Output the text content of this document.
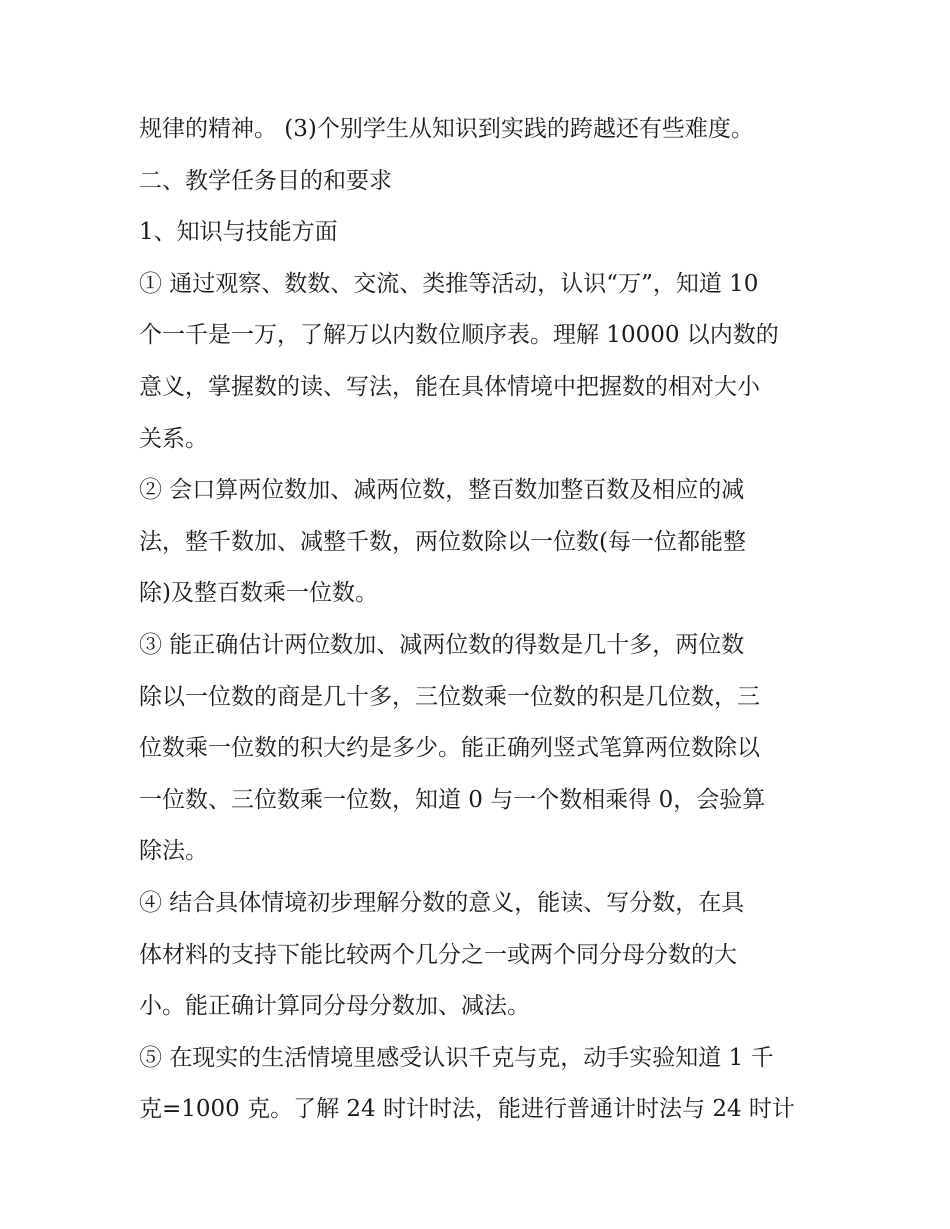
规律的精神。 (3)个别学生从知识到实践的跨越还有些难度。
二、教学任务目的和要求
1、知识与技能方面
① 通过观察、数数、交流、类推等活动，认识“万”，知道 10
个一千是一万，了解万以内数位顺序表。理解 10000 以内数的
意义，掌握数的读、写法，能在具体情境中把握数的相对大小
关系。
② 会口算两位数加、减两位数，整百数加整百数及相应的减
法，整千数加、减整千数，两位数除以一位数(每一位都能整
除)及整百数乘一位数。
③ 能正确估计两位数加、减两位数的得数是几十多，两位数
除以一位数的商是几十多，三位数乘一位数的积是几位数，三
位数乘一位数的积大约是多少。能正确列竖式笔算两位数除以
一位数、三位数乘一位数，知道 0 与一个数相乘得 0，会验算
除法。
④ 结合具体情境初步理解分数的意义，能读、写分数，在具
体材料的支持下能比较两个几分之一或两个同分母分数的大
小。能正确计算同分母分数加、减法。
⑤ 在现实的生活情境里感受认识千克与克，动手实验知道 1 千
克=1000 克。了解 24 时计时法，能进行普通计时法与 24 时计
